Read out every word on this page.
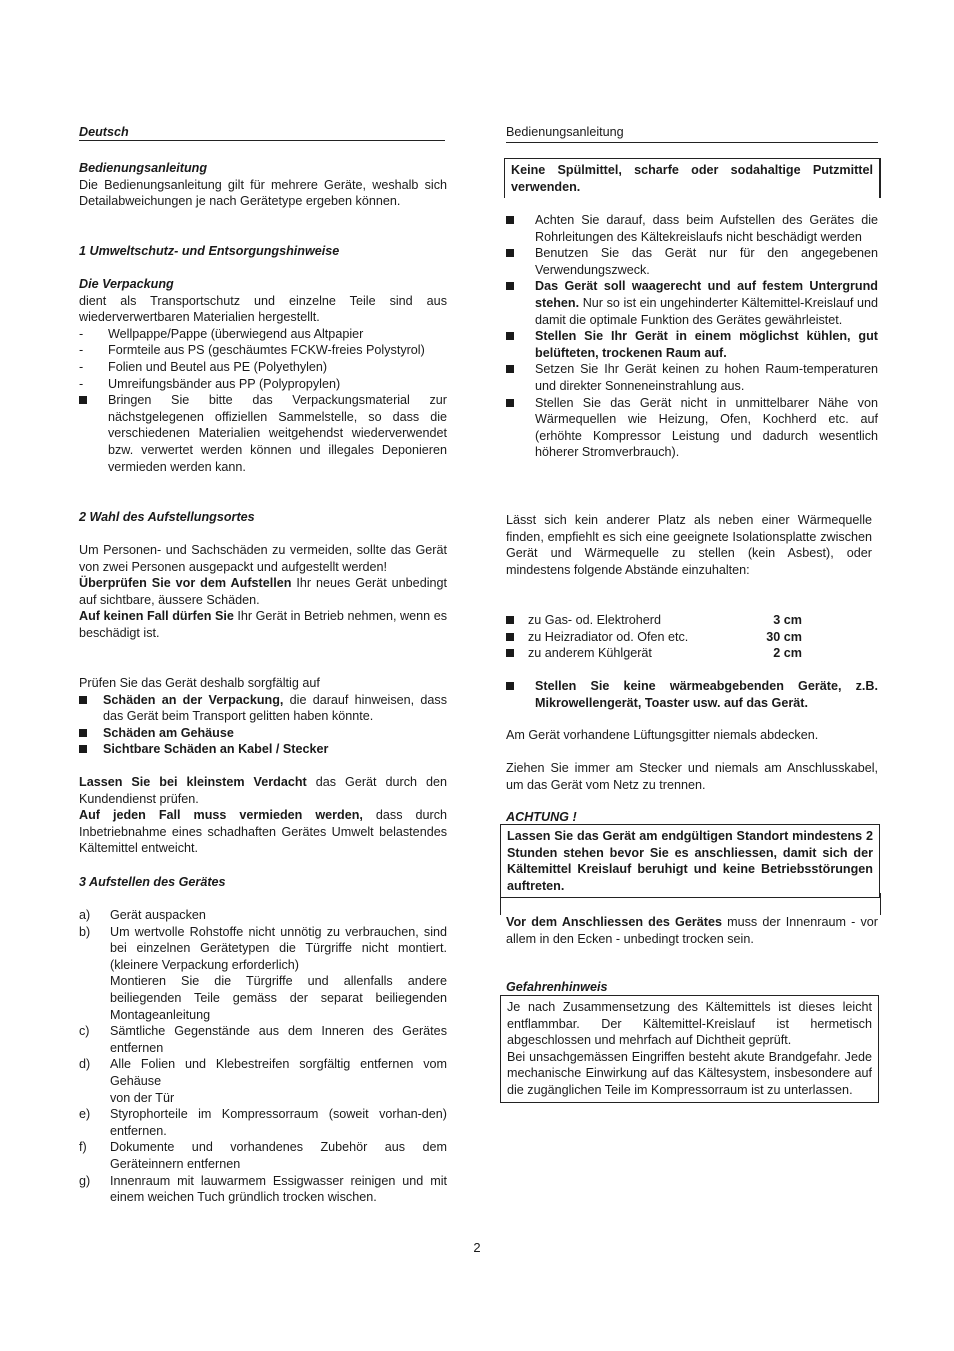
Deutsch

Bedienungsanleitung

Die Bedienungsanleitung gilt für mehrere Geräte, weshalb sich Detailabweichungen je nach Gerätetype ergeben können.

1 Umweltschutz- und Entsorgungshinweise

Die Verpackung

dient als Transportschutz und einzelne Teile sind aus wiederverwertbaren Materialien hergestellt.

-	Wellpappe/Pappe (überwiegend aus Altpapier
-	Formteile aus PS (geschäumtes FCKW-freies Polystyrol)
-	Folien und Beutel aus PE (Polyethylen)
-	Umreifungsbänder aus PP (Polypropylen)
Bringen Sie bitte das Verpackungsmaterial zur nächstgelegenen offiziellen Sammelstelle, so dass die verschiedenen Materialien weitgehendst wiederverwendet bzw. verwertet werden können und illegales Deponieren vermieden werden kann.

2 Wahl des Aufstellungsortes

Um Personen- und Sachschäden zu vermeiden, sollte das Gerät von zwei Personen ausgepackt und aufgestellt werden!

Überprüfen Sie vor dem Aufstellen Ihr neues Gerät unbedingt auf sichtbare, äussere Schäden.

Auf keinen Fall dürfen Sie Ihr Gerät in Betrieb nehmen, wenn es beschädigt ist.

Prüfen Sie das Gerät deshalb sorgfältig auf

Schäden an der Verpackung, die darauf hinweisen, dass das Gerät beim Transport gelitten haben könnte.
Schäden am Gehäuse
Sichtbare Schäden an Kabel / Stecker

Lassen Sie bei kleinstem Verdacht das Gerät durch den Kundendienst prüfen.

Auf jeden Fall muss vermieden werden, dass durch Inbetriebnahme eines schadhaften Gerätes Umwelt belastendes Kältemittel entweicht.

3 Aufstellen des Gerätes

a)	Gerät auspacken
b)	Um wertvolle Rohstoffe nicht unnötig zu verbrauchen, sind bei einzelnen Gerätetypen die Türgriffe nicht montiert. (kleinere Verpackung erforderlich)
Montieren Sie die Türgriffe und allenfalls andere beiliegenden Teile gemäss der separat beiliegenden Montageanleitung
c)	Sämtliche Gegenstände aus dem Inneren des Gerätes entfernen
d)	Alle Folien und Klebestreifen sorgfältig entfernen vom Gehäuse
von der Tür
e)	Styrophorteile im Kompressorraum (soweit vorhan-den) entfernen.
f)	Dokumente und vorhandenes Zubehör aus dem Geräteinnern entfernen
g)	Innenraum mit lauwarmem Essigwasser reinigen und mit einem weichen Tuch gründlich trocken wischen.
Bedienungsanleitung

Keine Spülmittel, scharfe oder sodahaltige Putzmittel verwenden.

Achten Sie darauf, dass beim Aufstellen des Gerätes die Rohrleitungen des Kältekreislaufs nicht beschädigt werden
Benutzen Sie das Gerät nur für den angegebenen Verwendungszweck.
Das Gerät soll waagerecht und auf festem Untergrund stehen. Nur so ist ein ungehinderter Kältemittel-Kreislauf und damit die optimale Funktion des Gerätes gewährleistet.
Stellen Sie Ihr Gerät in einem möglichst kühlen, gut belüfteten, trockenen Raum auf.
Setzen Sie Ihr Gerät keinen zu hohen Raum-temperaturen und direkter Sonneneinstrahlung aus.
Stellen Sie das Gerät nicht in unmittelbarer Nähe von Wärmequellen wie Heizung, Ofen, Kochherd etc. auf (erhöhte Kompressor Leistung und dadurch wesentlich höherer Stromverbrauch).

Lässt sich kein anderer Platz als neben einer Wärmequelle finden, empfiehlt es sich eine geeignete Isolationsplatte zwischen Gerät und Wärmequelle zu stellen (kein Asbest), oder mindestens folgende Abstände einzuhalten:

	zu Gas- od. Elektroherd	3 cm
	zu Heizradiator od. Ofen etc.	30 cm
	zu anderem Kühlgerät	2 cm
Stellen Sie keine wärmeabgebenden Geräte, z.B. Mikrowellengerät, Toaster usw. auf das Gerät.

Am Gerät vorhandene Lüftungsgitter niemals abdecken.

Ziehen Sie immer am Stecker und niemals am Anschlusskabel, um das Gerät vom Netz zu trennen.

ACHTUNG !

Lassen Sie das Gerät am endgültigen Standort mindestens 2 Stunden stehen bevor Sie es anschliessen, damit sich der Kältemittel Kreislauf beruhigt und keine Betriebsstörungen auftreten.

Vor dem Anschliessen des Gerätes muss der Innenraum - vor allem in den Ecken - unbedingt trocken sein.

Gefahrenhinweis

Je nach Zusammensetzung des Kältemittels ist dieses leicht entflammbar. Der Kältemittel-Kreislauf ist hermetisch abgeschlossen und mehrfach auf Dichtheit geprüft.

Bei unsachgemässen Eingriffen besteht akute Brandgefahr. Jede mechanische Einwirkung auf das Kältesystem, insbesondere auf die zugänglichen Teile im Kompressorraum ist zu unterlassen.

2
